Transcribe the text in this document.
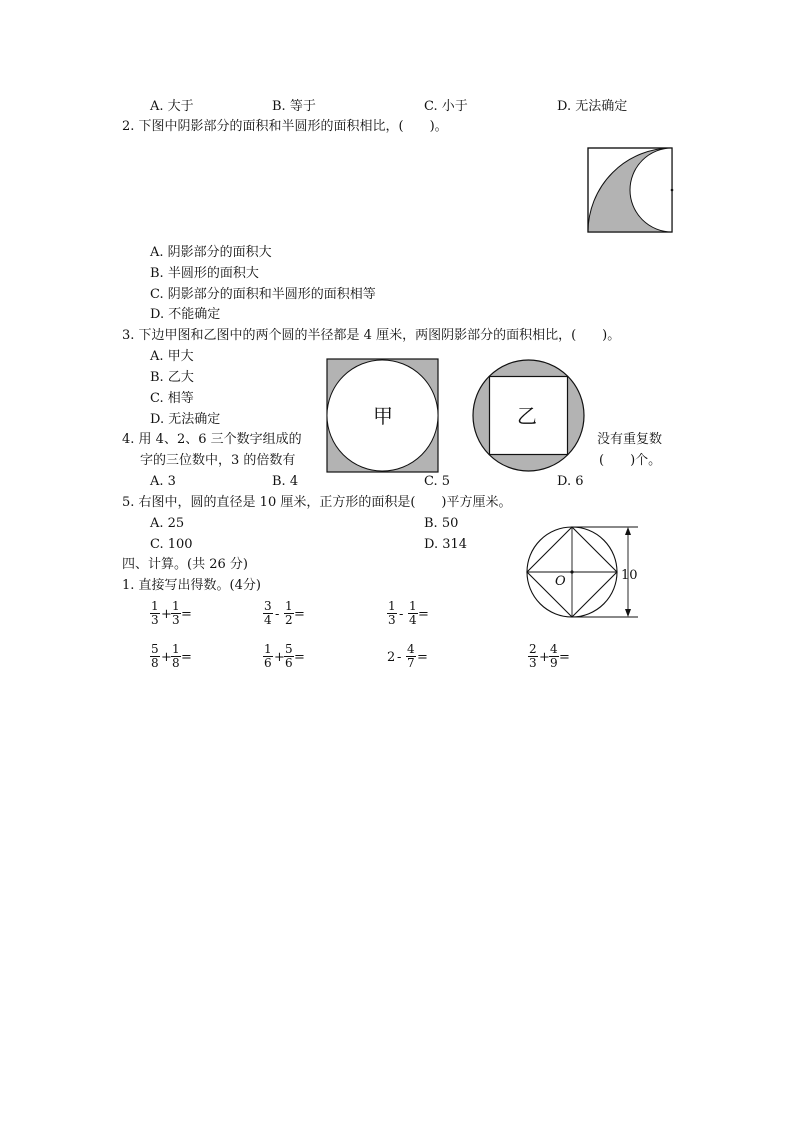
A. 大于	B. 等于	C. 小于	D. 无法确定
2. 下图中阴影部分的面积和半圆形的面积相比，(　　)。
A. 阴影部分的面积大
B. 半圆形的面积大
C. 阴影部分的面积和半圆形的面积相等
D. 不能确定
3. 下边甲图和乙图中的两个圆的半径都是 4 厘米，两图阴影部分的面积相比，(　　)。
A. 甲大
B. 乙大
C. 相等
D. 无法确定	甲	乙
4. 用 4、2、6 三个数字组成的	没有重复数
字的三位数中，3 的倍数有	(　　)个。
A. 3	B. 4	C. 5	D. 6
5. 右图中，圆的直径是 10 厘米，正方形的面积是(　　)平方厘米。
A. 25	B. 50
C. 100	D. 314
O	10
四、计算。(共 26 分)
1. 直接写出得数。(4分)
$\frac{1}{3} + \frac{1}{3}$ =	$\frac{3}{4} - \frac{1}{2}$ =	$\frac{1}{3} - \frac{1}{4}$ =
$\frac{5}{8} + \frac{1}{8}$ =	$\frac{1}{6} + \frac{5}{6}$ =	$2 - \frac{4}{7}$ =	$\frac{2}{3} + \frac{4}{9}$ =
